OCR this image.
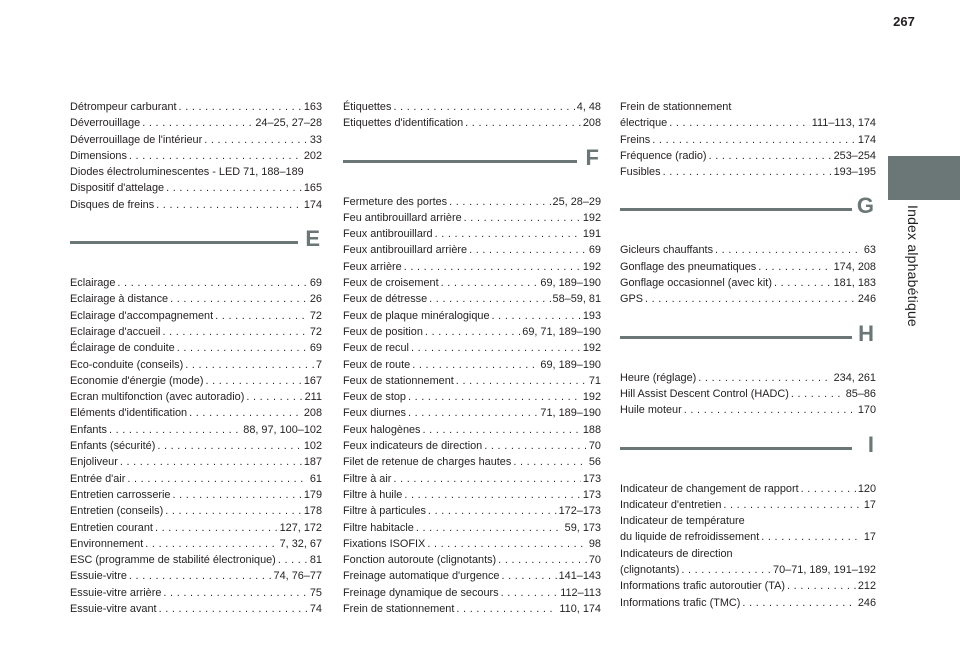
267
Index alphabétique
Détrompeur carburant . . .	163
Déverrouillage . . .	24–25, 27–28
Déverrouillage de l'intérieur . . .	33
Dimensions . . .	202
Diodes électroluminescentes - LED 71, 188–189
Dispositif d'attelage . . .	165
Disques de freins . . .	174
E
Eclairage . . .	69
Eclairage à distance . . .	26
Eclairage d'accompagnement . . .	72
Eclairage d'accueil . . .	72
Éclairage de conduite . . .	69
Eco-conduite (conseils) . . .	7
Economie d'énergie (mode) . . .	167
Ecran multifonction (avec autoradio) . . .	211
Eléments d'identification . . .	208
Enfants . . .	88, 97, 100–102
Enfants (sécurité) . . .	102
Enjoliveur . . .	187
Entrée d'air . . .	61
Entretien carrosserie . . .	179
Entretien (conseils) . . .	178
Entretien courant . . .	127, 172
Environnement . . .	7, 32, 67
ESC (programme de stabilité électronique) . . .	81
Essuie-vitre . . .	74, 76–77
Essuie-vitre arrière . . .	75
Essuie-vitre avant . . .	74
Étiquettes . . .	4, 48
Etiquettes d'identification . . .	208
F
Fermeture des portes . . .	25, 28–29
Feu antibrouillard arrière . . .	192
Feux antibrouillard . . .	191
Feux antibrouillard arrière . . .	69
Feux arrière . . .	192
Feux de croisement . . .	69, 189–190
Feux de détresse . . .	58–59, 81
Feux de plaque minéralogique . . .	193
Feux de position . . .	69, 71, 189–190
Feux de recul . . .	192
Feux de route . . .	69, 189–190
Feux de stationnement . . .	71
Feux de stop . . .	192
Feux diurnes . . .	71, 189–190
Feux halogènes . . .	188
Feux indicateurs de direction . . .	70
Filet de retenue de charges hautes . . .	56
Filtre à air . . .	173
Filtre à huile . . .	173
Filtre à particules . . .	172–173
Filtre habitacle . . .	59, 173
Fixations ISOFIX . . .	98
Fonction autoroute (clignotants) . . .	70
Freinage automatique d'urgence . . .	141–143
Freinage dynamique de secours . . .	112–113
Frein de stationnement . . .	110, 174
Frein de stationnement
électrique . . .	111–113, 174
Freins . . .	174
Fréquence (radio) . . .	253–254
Fusibles . . .	193–195
G
Gicleurs chauffants . . .	63
Gonflage des pneumatiques . . .	174, 208
Gonflage occasionnel (avec kit) . . .	181, 183
GPS . . .	246
H
Heure (réglage) . . .	234, 261
Hill Assist Descent Control (HADC) . . .	85–86
Huile moteur . . .	170
I
Indicateur de changement de rapport . . .	120
Indicateur d'entretien . . .	17
Indicateur de température
du liquide de refroidissement . . .	17
Indicateurs de direction
(clignotants) . . .	70–71, 189, 191–192
Informations trafic autoroutier (TA) . . .	212
Informations trafic (TMC) . . .	246
